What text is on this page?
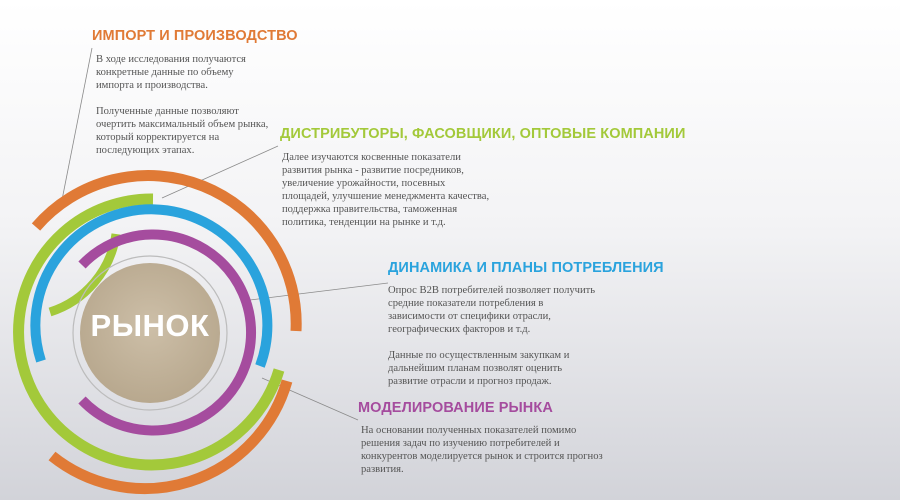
РЫНОК
ИМПОРТ И ПРОИЗВОДСТВО

В ходе исследования получаются конкретные данные по объему импорта и производства.

Полученные данные позволяют очертить максимальный объем рынка, который корректируется на последующих этапах.

ДИСТРИБУТОРЫ, ФАСОВЩИКИ, ОПТОВЫЕ КОМПАНИИ

Далее изучаются косвенные показатели развития рынка - развитие посредников, увеличение урожайности, посевных площадей, улучшение менеджмента качества, поддержка правительства, таможенная политика, тенденции на рынке и т.д.

ДИНАМИКА И ПЛАНЫ ПОТРЕБЛЕНИЯ

Опрос B2B потребителей позволяет получить средние показатели потребления в зависимости от специфики отрасли, географических факторов и т.д.

Данные по осуществленным закупкам и дальнейшим планам позволят оценить развитие отрасли и прогноз продаж.

МОДЕЛИРОВАНИЕ РЫНКА

На основании полученных показателей помимо решения задач по изучению потребителей и конкурентов моделируется рынок и строится прогноз развития.
